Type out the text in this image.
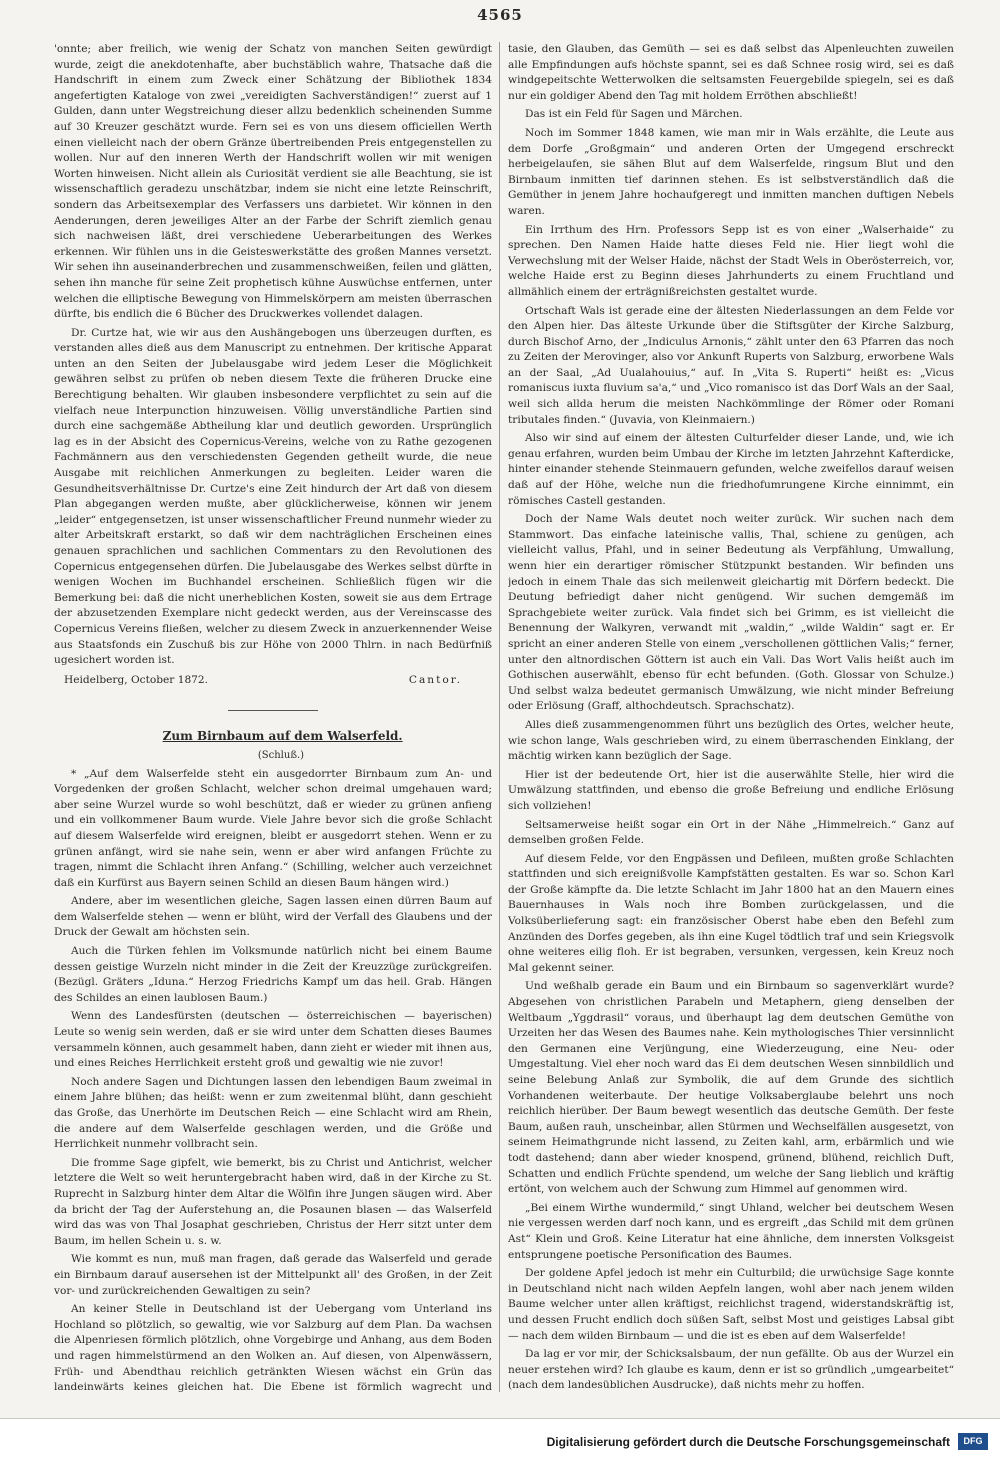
4565

'onnte; aber freilich, wie wenig der Schatz von manchen Seiten gewürdigt wurde, zeigt die anekdotenhafte, aber buchstäblich wahre, Thatsache daß die Handschrift in einem zum Zweck einer Schätzung der Bibliothek 1834 angefertigten Kataloge von zwei „vereidigten Sachverständigen!“ zuerst auf 1 Gulden, dann unter Wegstreichung dieser allzu bedenklich scheinenden Summe auf 30 Kreuzer geschätzt wurde. Fern sei es von uns diesem officiellen Werth einen vielleicht nach der obern Gränze übertreibenden Preis entgegenstellen zu wollen. Nur auf den inneren Werth der Handschrift wollen wir mit wenigen Worten hinweisen. Nicht allein als Curiosität verdient sie alle Beachtung, sie ist wissenschaftlich geradezu unschätzbar, indem sie nicht eine letzte Reinschrift, sondern das Arbeitsexemplar des Verfassers uns darbietet. Wir können in den Aenderungen, deren jeweiliges Alter an der Farbe der Schrift ziemlich genau sich nachweisen läßt, drei verschiedene Ueberarbeitungen des Werkes erkennen. Wir fühlen uns in die Geisteswerkstätte des großen Mannes versetzt. Wir sehen ihn auseinanderbrechen und zusammenschweißen, feilen und glätten, sehen ihn manche für seine Zeit prophetisch kühne Auswüchse entfernen, unter welchen die elliptische Bewegung von Himmelskörpern am meisten überraschen dürfte, bis endlich die 6 Bücher des Druckwerkes vollendet dalagen.

Dr. Curtze hat, wie wir aus den Aushängebogen uns überzeugen durften, es verstanden alles dieß aus dem Manuscript zu entnehmen. Der kritische Apparat unten an den Seiten der Jubelausgabe wird jedem Leser die Möglichkeit gewähren selbst zu prüfen ob neben diesem Texte die früheren Drucke eine Berechtigung behalten. Wir glauben insbesondere verpflichtet zu sein auf die vielfach neue Interpunction hinzuweisen. Völlig unverständliche Partien sind durch eine sachgemäße Abtheilung klar und deutlich geworden. Ursprünglich lag es in der Absicht des Copernicus-Vereins, welche von zu Rathe gezogenen Fachmännern aus den verschiedensten Gegenden getheilt wurde, die neue Ausgabe mit reichlichen Anmerkungen zu begleiten. Leider waren die Gesundheitsverhältnisse Dr. Curtze's eine Zeit hindurch der Art daß von diesem Plan abgegangen werden mußte, aber glücklicherweise, können wir jenem „leider“ entgegensetzen, ist unser wissenschaftlicher Freund nunmehr wieder zu alter Arbeitskraft erstarkt, so daß wir dem nachträglichen Erscheinen eines genauen sprachlichen und sachlichen Commentars zu den Revolutionen des Copernicus entgegensehen dürfen. Die Jubelausgabe des Werkes selbst dürfte in wenigen Wochen im Buchhandel erscheinen. Schließlich fügen wir die Bemerkung bei: daß die nicht unerheblichen Kosten, soweit sie aus dem Ertrage der abzusetzenden Exemplare nicht gedeckt werden, aus der Vereinscasse des Copernicus Vereins fließen, welcher zu diesem Zweck in anzuerkennender Weise aus Staatsfonds ein Zuschuß bis zur Höhe von 2000 Thlrn. in nach Bedürfniß ugesichert worden ist.

Heidelberg, October 1872.	Cantor.

Zum Birnbaum auf dem Walserfeld.

(Schluß.)

* „Auf dem Walserfelde steht ein ausgedorrter Birnbaum zum An- und Vorgedenken der großen Schlacht, welcher schon dreimal umgehauen ward; aber seine Wurzel wurde so wohl beschützt, daß er wieder zu grünen anfieng und ein vollkommener Baum wurde. Viele Jahre bevor sich die große Schlacht auf diesem Walserfelde wird ereignen, bleibt er ausgedorrt stehen. Wenn er zu grünen anfängt, wird sie nahe sein, wenn er aber wird anfangen Früchte zu tragen, nimmt die Schlacht ihren Anfang.“ (Schilling, welcher auch verzeichnet daß ein Kurfürst aus Bayern seinen Schild an diesen Baum hängen wird.)

Andere, aber im wesentlichen gleiche, Sagen lassen einen dürren Baum auf dem Walserfelde stehen — wenn er blüht, wird der Verfall des Glaubens und der Druck der Gewalt am höchsten sein.

Auch die Türken fehlen im Volksmunde natürlich nicht bei einem Baume dessen geistige Wurzeln nicht minder in die Zeit der Kreuzzüge zurückgreifen. (Bezügl. Gräters „Iduna.“ Herzog Friedrichs Kampf um das heil. Grab. Hängen des Schildes an einen laublosen Baum.)

Wenn des Landesfürsten (deutschen — österreichischen — bayerischen) Leute so wenig sein werden, daß er sie wird unter dem Schatten dieses Baumes versammeln können, auch gesammelt haben, dann zieht er wieder mit ihnen aus, und eines Reiches Herrlichkeit ersteht groß und gewaltig wie nie zuvor!

Noch andere Sagen und Dichtungen lassen den lebendigen Baum zweimal in einem Jahre blühen; das heißt: wenn er zum zweitenmal blüht, dann geschieht das Große, das Unerhörte im Deutschen Reich — eine Schlacht wird am Rhein, die andere auf dem Walserfelde geschlagen werden, und die Größe und Herrlichkeit nunmehr vollbracht sein.

Die fromme Sage gipfelt, wie bemerkt, bis zu Christ und Antichrist, welcher letztere die Welt so weit heruntergebracht haben wird, daß in der Kirche zu St. Ruprecht in Salzburg hinter dem Altar die Wölfin ihre Jungen säugen wird. Aber da bricht der Tag der Auferstehung an, die Posaunen blasen — das Walserfeld wird das was von Thal Josaphat geschrieben, Christus der Herr sitzt unter dem Baum, im hellen Schein u. s. w.

Wie kommt es nun, muß man fragen, daß gerade das Walserfeld und gerade ein Birnbaum darauf ausersehen ist der Mittelpunkt all' des Großen, in der Zeit vor- und zurückreichenden Gewaltigen zu sein?

An keiner Stelle in Deutschland ist der Uebergang vom Unterland ins Hochland so plötzlich, so gewaltig, wie vor Salzburg auf dem Plan. Da wachsen die Alpenriesen förmlich plötzlich, ohne Vorgebirge und Anhang, aus dem Boden und ragen himmelstürmend an den Wolken an. Auf diesen, von Alpenwässern, Früh- und Abendthau reichlich getränkten Wiesen wächst ein Grün das landeinwärts keines gleichen hat. Die Ebene ist förmlich wagrecht und

tasie, den Glauben, das Gemüth — sei es daß selbst das Alpenleuchten zuweilen alle Empfindungen aufs höchste spannt, sei es daß Schnee rosig wird, sei es daß windgepeitschte Wetterwolken die seltsamsten Feuergebilde spiegeln, sei es daß nur ein goldiger Abend den Tag mit holdem Erröthen abschließt!

Das ist ein Feld für Sagen und Märchen.

Noch im Sommer 1848 kamen, wie man mir in Wals erzählte, die Leute aus dem Dorfe „Großgmain“ und anderen Orten der Umgegend erschreckt herbeigelaufen, sie sähen Blut auf dem Walserfelde, ringsum Blut und den Birnbaum inmitten tief darinnen stehen. Es ist selbstverständlich daß die Gemüther in jenem Jahre hochaufgeregt und inmitten manchen duftigen Nebels waren.

Ein Irrthum des Hrn. Professors Sepp ist es von einer „Walserhaide“ zu sprechen. Den Namen Haide hatte dieses Feld nie. Hier liegt wohl die Verwechslung mit der Welser Haide, nächst der Stadt Wels in Oberösterreich, vor, welche Haide erst zu Beginn dieses Jahrhunderts zu einem Fruchtland und allmählich einem der erträgnißreichsten gestaltet wurde.

Ortschaft Wals ist gerade eine der ältesten Niederlassungen an dem Felde vor den Alpen hier. Das älteste Urkunde über die Stiftsgüter der Kirche Salzburg, durch Bischof Arno, der „Indiculus Arnonis,“ zählt unter den 63 Pfarren das noch zu Zeiten der Merovinger, also vor Ankunft Ruperts von Salzburg, erworbene Wals an der Saal, „Ad Uualahouius,“ auf. In „Vita S. Ruperti“ heißt es: „Vicus romaniscus iuxta fluvium sa'a,“ und „Vico romanisco ist das Dorf Wals an der Saal, weil sich allda herum die meisten Nachkömmlinge der Römer oder Romani tributales finden.“ (Juvavia, von Kleinmaiern.)

Also wir sind auf einem der ältesten Culturfelder dieser Lande, und, wie ich genau erfahren, wurden beim Umbau der Kirche im letzten Jahrzehnt Kafterdicke, hinter einander stehende Steinmauern gefunden, welche zweifellos darauf weisen daß auf der Höhe, welche nun die friedhofumrungene Kirche einnimmt, ein römisches Castell gestanden.

Doch der Name Wals deutet noch weiter zurück. Wir suchen nach dem Stammwort. Das einfache lateinische vallis, Thal, schiene zu genügen, ach vielleicht vallus, Pfahl, und in seiner Bedeutung als Verpfählung, Umwallung, wenn hier ein derartiger römischer Stützpunkt bestanden. Wir befinden uns jedoch in einem Thale das sich meilenweit gleichartig mit Dörfern bedeckt. Die Deutung befriedigt daher nicht genügend. Wir suchen demgemäß im Sprachgebiete weiter zurück. Vala findet sich bei Grimm, es ist vielleicht die Benennung der Walkyren, verwandt mit „waldin,“ „wilde Waldin“ sagt er. Er spricht an einer anderen Stelle von einem „verschollenen göttlichen Valis;“ ferner, unter den altnordischen Göttern ist auch ein Vali. Das Wort Valis heißt auch im Gothischen auserwählt, ebenso für echt befunden. (Goth. Glossar von Schulze.) Und selbst walza bedeutet germanisch Umwälzung, wie nicht minder Befreiung oder Erlösung (Graff, althochdeutsch. Sprachschatz).

Alles dieß zusammengenommen führt uns bezüglich des Ortes, welcher heute, wie schon lange, Wals geschrieben wird, zu einem überraschenden Einklang, der mächtig wirken kann bezüglich der Sage.

Hier ist der bedeutende Ort, hier ist die auserwählte Stelle, hier wird die Umwälzung stattfinden, und ebenso die große Befreiung und endliche Erlösung sich vollziehen!

Seltsamerweise heißt sogar ein Ort in der Nähe „Himmelreich.“ Ganz auf demselben großen Felde.

Auf diesem Felde, vor den Engpässen und Defileen, mußten große Schlachten stattfinden und sich ereignißvolle Kampfstätten gestalten. Es war so. Schon Karl der Große kämpfte da. Die letzte Schlacht im Jahr 1800 hat an den Mauern eines Bauernhauses in Wals noch ihre Bomben zurückgelassen, und die Volksüberlieferung sagt: ein französischer Oberst habe eben den Befehl zum Anzünden des Dorfes gegeben, als ihn eine Kugel tödtlich traf und sein Kriegsvolk ohne weiteres eilig floh. Er ist begraben, versunken, vergessen, kein Kreuz noch Mal gekennt seiner.

Und weßhalb gerade ein Baum und ein Birnbaum so sagenverklärt wurde? Abgesehen von christlichen Parabeln und Metaphern, gieng denselben der Weltbaum „Yggdrasil“ voraus, und überhaupt lag dem deutschen Gemüthe von Urzeiten her das Wesen des Baumes nahe. Kein mythologisches Thier versinnlicht den Germanen eine Verjüngung, eine Wiederzeugung, eine Neu- oder Umgestaltung. Viel eher noch ward das Ei dem deutschen Wesen sinnbildlich und seine Belebung Anlaß zur Symbolik, die auf dem Grunde des sichtlich Vorhandenen weiterbaute. Der heutige Volksaberglaube belehrt uns noch reichlich hierüber. Der Baum bewegt wesentlich das deutsche Gemüth. Der feste Baum, außen rauh, unscheinbar, allen Stürmen und Wechselfällen ausgesetzt, von seinem Heimathgrunde nicht lassend, zu Zeiten kahl, arm, erbärmlich und wie todt dastehend; dann aber wieder knospend, grünend, blühend, reichlich Duft, Schatten und endlich Früchte spendend, um welche der Sang lieblich und kräftig ertönt, von welchem auch der Schwung zum Himmel auf genommen wird.

„Bei einem Wirthe wundermild,“ singt Uhland, welcher bei deutschem Wesen nie vergessen werden darf noch kann, und es ergreift „das Schild mit dem grünen Ast“ Klein und Groß. Keine Literatur hat eine ähnliche, dem innersten Volksgeist entsprungene poetische Personification des Baumes.

Der goldene Apfel jedoch ist mehr ein Culturbild; die urwüchsige Sage konnte in Deutschland nicht nach wilden Aepfeln langen, wohl aber nach jenem wilden Baume welcher unter allen kräftigst, reichlichst tragend, widerstandskräftig ist, und dessen Frucht endlich doch süßen Saft, selbst Most und geistiges Labsal gibt — nach dem wilden Birnbaum — und die ist es eben auf dem Walserfelde!

Da lag er vor mir, der Schicksalsbaum, der nun gefällte. Ob aus der Wurzel ein neuer erstehen wird? Ich glaube es kaum, denn er ist so gründlich „umgearbeitet“ (nach dem landesüblichen Ausdrucke), daß nichts mehr zu hoffen.

Digitalisierung gefördert durch die Deutsche Forschungsgemeinschaft	DFG
